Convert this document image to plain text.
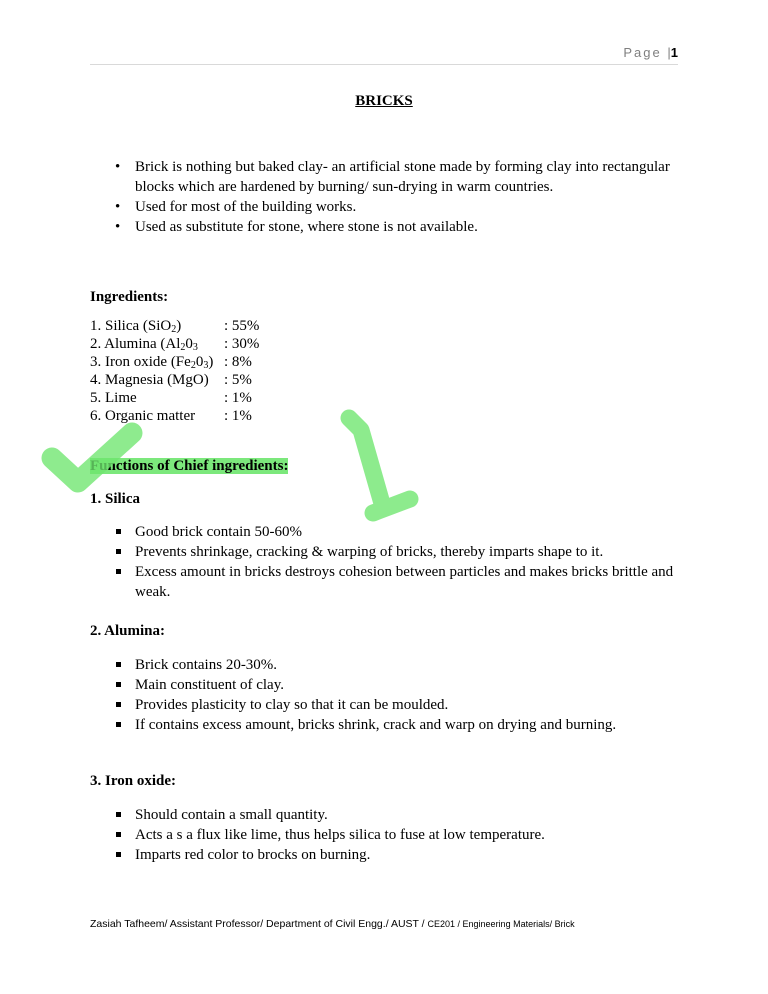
Page |1
BRICKS
• Brick is nothing but baked clay- an artificial stone made by forming clay into rectangular blocks which are hardened by burning/ sun-drying in warm countries.
• Used for most of the building works.
• Used as substitute for stone, where stone is not available.
Ingredients:
1. Silica (SiO$_2$)	: 55%
2. Alumina ($Al_20_3$ : 30%
3. Iron oxide $(Fe_20_3)$ : 8%
4. Magnesia (MgO) : 5%
5. Lime	: 1%
6. Organic matter : 1%
Functions of Chief ingredients:
1. Silica
Good brick contain 50-60%
Prevents shrinkage, cracking & warping of bricks, thereby imparts shape to it.
Excess amount in bricks destroys cohesion between particles and makes bricks brittle and weak.
2. Alumina:
Brick contains 20-30%.
Main constituent of clay.
Provides plasticity to clay so that it can be moulded.
If contains excess amount, bricks shrink, crack and warp on drying and burning.
3. Iron oxide:
Should contain a small quantity.
Acts a s a flux like lime, thus helps silica to fuse at low temperature.
Imparts red color to brocks on burning.
Zasiah Tafheem/ Assistant Professor/ Department of Civil Engg./ AUST / CE201 / Engineering Materials/ Brick
